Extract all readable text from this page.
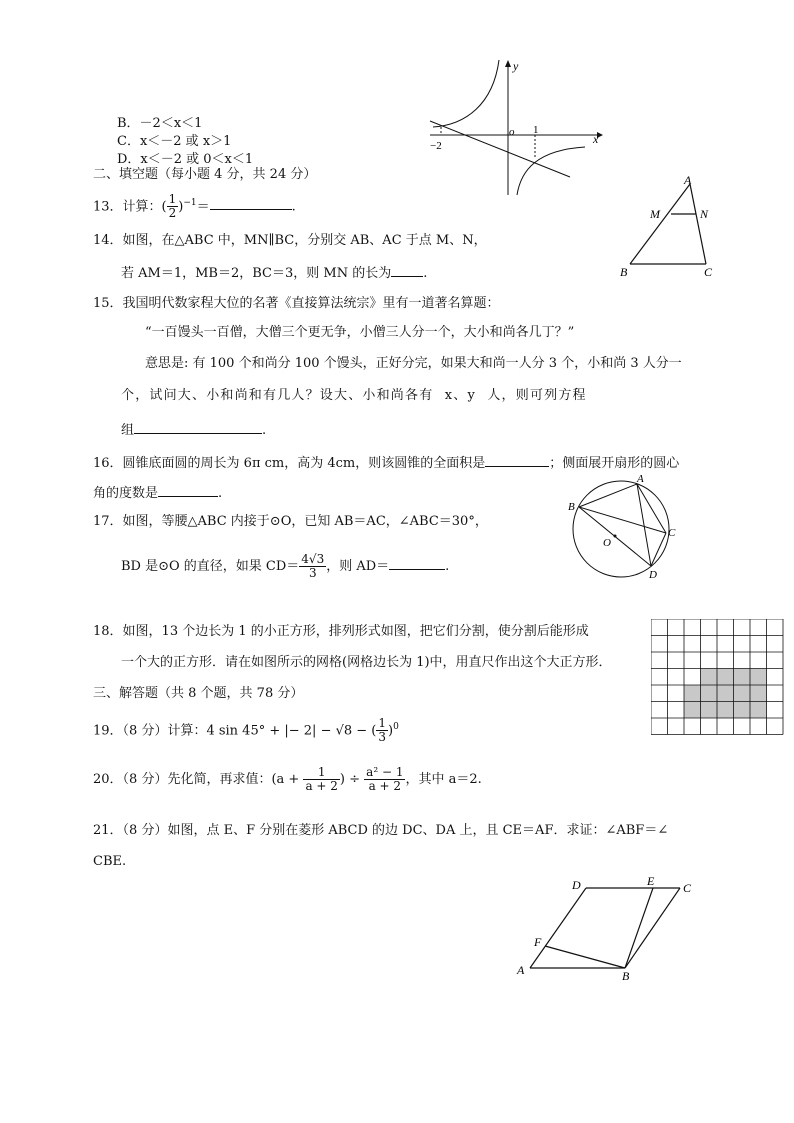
B．－2＜x＜1
C．x＜－2 或 x＞1
D．x＜－2 或 0＜x＜1
y
x
o 1
−2
二、填空题（每小题 4 分，共 24 分）
13．计算：( $\frac{1}{2} )^{-1}=$	.
14．如图，在△ABC 中，MN∥BC，分别交 AB、AC 于点 M、N，
若 AM＝1，MB＝2，BC＝3，则 MN 的长为 .
A
M	N
B	C
15．我国明代数家程大位的名著《直接算法统宗》里有一道著名算题：
“一百馒头一百僧，大僧三个更无争，小僧三人分一个，大小和尚各几丁？”
意思是: 有 100 个和尚分 100 个馒头，正好分完，如果大和尚一人分 3 个，小和尚 3 人分一
个，试问大、小和尚和有几人？设大、小和尚各有 x、y 人，则可列方程
组	.
16．圆锥底面圆的周长为 6π cm，高为 4cm，则该圆锥的全面积是	；侧面展开扇形的圆心
角的度数是	.
17．如图，等腰△ABC 内接于⊙O，已知 AB＝AC，∠ABC＝30°，
BD 是⊙O 的直径，如果 $CD= \frac{4√3}{3}$ ，则 AD＝	.
A
B
C
O
D
18．如图，13 个边长为 1 的小正方形，排列形式如图，把它们分割，使分割后能形成
一个大的正方形．请在如图所示的网格(网格边长为 1)中，用直尺作出这个大正方形．
三、解答题（共 8 个题，共 78 分）
19．（8 分）计算：4 sin 45° + |− 2| − √8 − ( $\frac{1}{3} )^0$
20．（8 分）先化简，再求值：($a + \frac{1}{a + 2}$ ) ÷ $\frac{\text{a² − 1}}{a + 2}$ ，其中 a＝2.
21．（8 分）如图，点 E、F 分别在菱形 ABCD 的边 DC、DA 上，且 CE＝AF．求证：∠ABF＝∠
CBE.
D	E C
F
A	B
